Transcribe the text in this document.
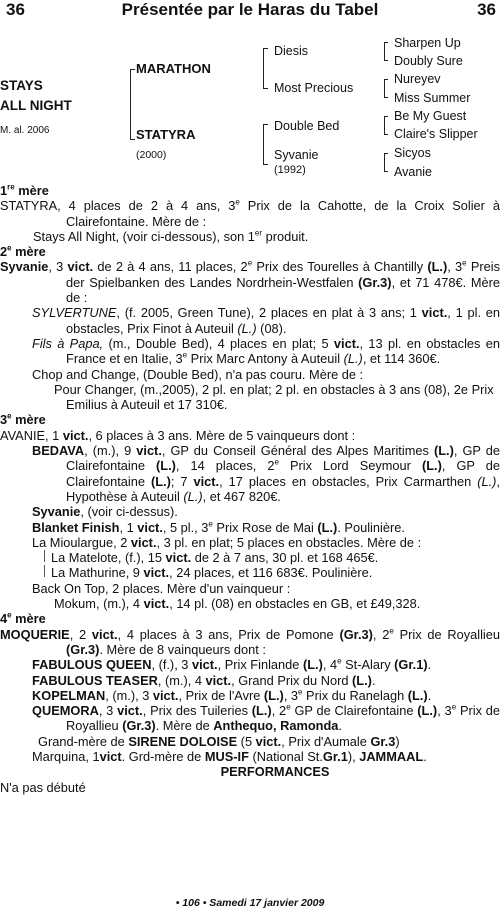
Présentée par le Haras du Tabel
36	36
STAYS
ALL NIGHT
M. al. 2006
MARATHON
STATYRA
(2000)
Diesis
Most Precious
Double Bed
Syvanie
(1992)
Sharpen Up
Doubly Sure
Nureyev
Miss Summer
Be My Guest
Claire's Slipper
Sicyos
Avanie

1re mère

STATYRA, 4 places de 2 à 4 ans, 3e Prix de la Cahotte, de la Croix Solier à Clairefontaine. Mère de :

Stays All Night, (voir ci-dessous), son 1er produit.

2e mère

Syvanie, 3 vict. de 2 à 4 ans, 11 places, 2e Prix des Tourelles à Chantilly (L.), 3e Preis der Spielbanken des Landes Nordrhein-Westfalen (Gr.3), et 71 478€. Mère de :

SYLVERTUNE, (f. 2005, Green Tune), 2 places en plat à 3 ans; 1 vict., 1 pl. en obstacles, Prix Finot à Auteuil (L.) (08).

Fils à Papa, (m., Double Bed), 4 places en plat; 5 vict., 13 pl. en obstacles en France et en Italie, 3e Prix Marc Antony à Auteuil (L.), et 114 360€.

Chop and Change, (Double Bed), n'a pas couru. Mère de :

Pour Changer, (m.,2005), 2 pl. en plat; 2 pl. en obstacles à 3 ans (08), 2e Prix Emilius à Auteuil et 17 310€.

3e mère

AVANIE, 1 vict., 6 places à 3 ans. Mère de 5 vainqueurs dont :

BEDAVA, (m.), 9 vict., GP du Conseil Général des Alpes Maritimes (L.), GP de Clairefontaine (L.), 14 places, 2e Prix Lord Seymour (L.), GP de Clairefontaine (L.); 7 vict., 17 places en obstacles, Prix Carmarthen (L.), Hypothèse à Auteuil (L.), et 467 820€.

Syvanie, (voir ci-dessus).

Blanket Finish, 1 vict., 5 pl., 3e Prix Rose de Mai (L.). Poulinière.

La Mioulargue, 2 vict., 3 pl. en plat; 5 places en obstacles. Mère de :

La Matelote, (f.), 15 vict. de 2 à 7 ans, 30 pl. et 168 465€.

La Mathurine, 9 vict., 24 places, et 116 683€. Poulinière.

Back On Top, 2 places. Mère d'un vainqueur :

Mokum, (m.), 4 vict., 14 pl. (08) en obstacles en GB, et £49,328.

4e mère

MOQUERIE, 2 vict., 4 places à 3 ans, Prix de Pomone (Gr.3), 2e Prix de Royallieu (Gr.3). Mère de 8 vainqueurs dont :

FABULOUS QUEEN, (f.), 3 vict., Prix Finlande (L.), 4e St-Alary (Gr.1).

FABULOUS TEASER, (m.), 4 vict., Grand Prix du Nord (L.).

KOPELMAN, (m.), 3 vict., Prix de l'Avre (L.), 3e Prix du Ranelagh (L.).

QUEMORA, 3 vict., Prix des Tuileries (L.), 2e GP de Clairefontaine (L.), 3e Prix de Royallieu (Gr.3). Mère de Anthequo, Ramonda.

Grand-mère de SIRENE DOLOISE (5 vict., Prix d'Aumale Gr.3)

Marquina, 1vict. Grd-mère de MUS-IF (National St.Gr.1), JAMMAAL.

PERFORMANCES

N'a pas débuté

• 106 • Samedi 17 janvier 2009
